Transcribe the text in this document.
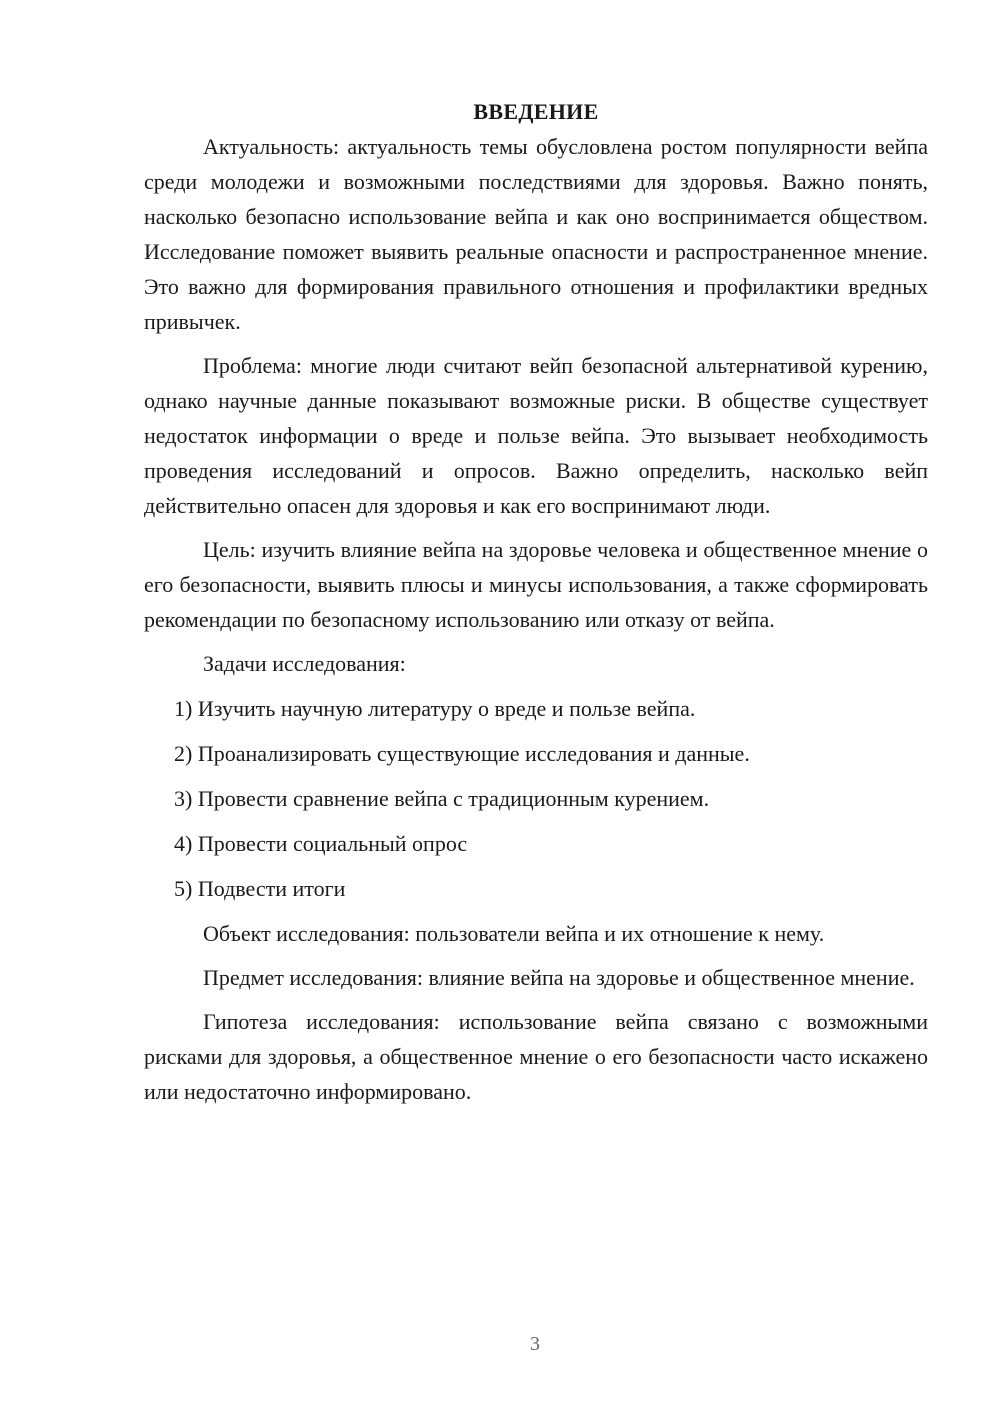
ВВЕДЕНИЕ

Актуальность: актуальность темы обусловлена ростом популярности вейпа среди молодежи и возможными последствиями для здоровья. Важно понять, насколько безопасно использование вейпа и как оно воспринимается обществом. Исследование поможет выявить реальные опасности и распространенное мнение. Это важно для формирования правильного отношения и профилактики вредных привычек.

Проблема: многие люди считают вейп безопасной альтернативой курению, однако научные данные показывают возможные риски. В обществе существует недостаток информации о вреде и пользе вейпа. Это вызывает необходимость проведения исследований и опросов. Важно определить, насколько вейп действительно опасен для здоровья и как его воспринимают люди.

Цель: изучить влияние вейпа на здоровье человека и общественное мнение о его безопасности, выявить плюсы и минусы использования, а также сформировать рекомендации по безопасному использованию или отказу от вейпа.

Задачи исследования:

1) Изучить научную литературу о вреде и пользе вейпа.

2) Проанализировать существующие исследования и данные.

3) Провести сравнение вейпа с традиционным курением.

4) Провести социальный опрос

5) Подвести итоги

Объект исследования: пользователи вейпа и их отношение к нему.

Предмет исследования: влияние вейпа на здоровье и общественное мнение.

Гипотеза исследования: использование вейпа связано с возможными рисками для здоровья, а общественное мнение о его безопасности часто искажено или недостаточно информировано.

3
